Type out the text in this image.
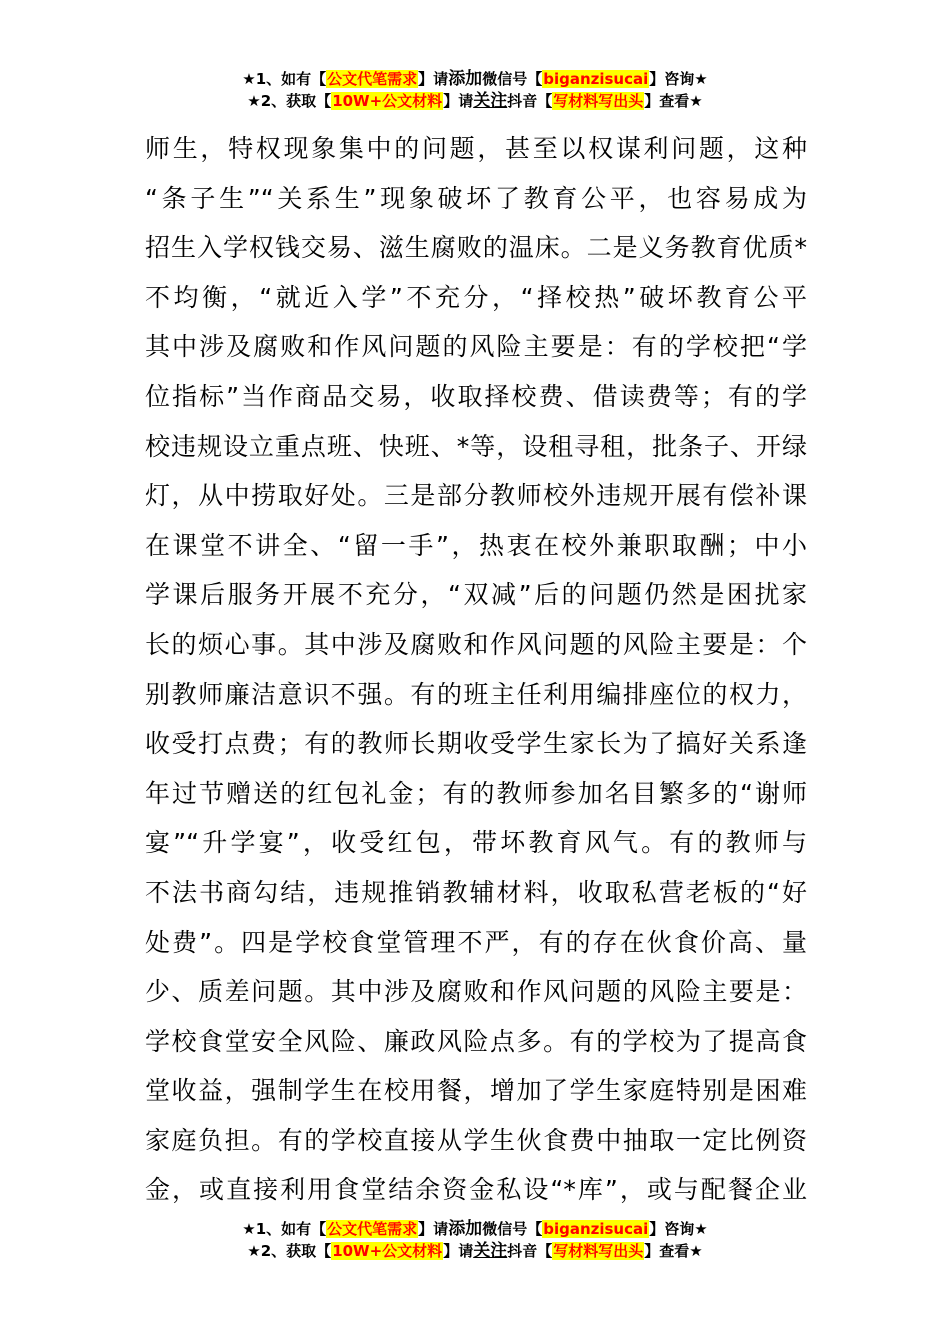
★1、如有【公文代笔需求】请添加微信号【biganzisucai】咨询★
★2、获取【10W+公文材料】请关注抖音【写材料写出头】查看★
师生，特权现象集中的问题，甚至以权谋利问题，这种
“条子生”“关系生”现象破坏了教育公平，也容易成为
招生入学权钱交易、滋生腐败的温床。二是义务教育优质*
不均衡，“就近入学”不充分，“择校热”破坏教育公平
其中涉及腐败和作风问题的风险主要是：有的学校把“学
位指标”当作商品交易，收取择校费、借读费等；有的学
校违规设立重点班、快班、*等，设租寻租，批条子、开绿
灯，从中捞取好处。三是部分教师校外违规开展有偿补课
在课堂不讲全、“留一手”，热衷在校外兼职取酬；中小
学课后服务开展不充分，“双减”后的问题仍然是困扰家
长的烦心事。其中涉及腐败和作风问题的风险主要是：个
别教师廉洁意识不强。有的班主任利用编排座位的权力，
收受打点费；有的教师长期收受学生家长为了搞好关系逢
年过节赠送的红包礼金；有的教师参加名目繁多的“谢师
宴”“升学宴”，收受红包，带坏教育风气。有的教师与
不法书商勾结，违规推销教辅材料，收取私营老板的“好
处费”。四是学校食堂管理不严，有的存在伙食价高、量
少、质差问题。其中涉及腐败和作风问题的风险主要是：
学校食堂安全风险、廉政风险点多。有的学校为了提高食
堂收益，强制学生在校用餐，增加了学生家庭特别是困难
家庭负担。有的学校直接从学生伙食费中抽取一定比例资
金，或直接利用食堂结余资金私设“*库”，或与配餐企业
★1、如有【公文代笔需求】请添加微信号【biganzisucai】咨询★
★2、获取【10W+公文材料】请关注抖音【写材料写出头】查看★
